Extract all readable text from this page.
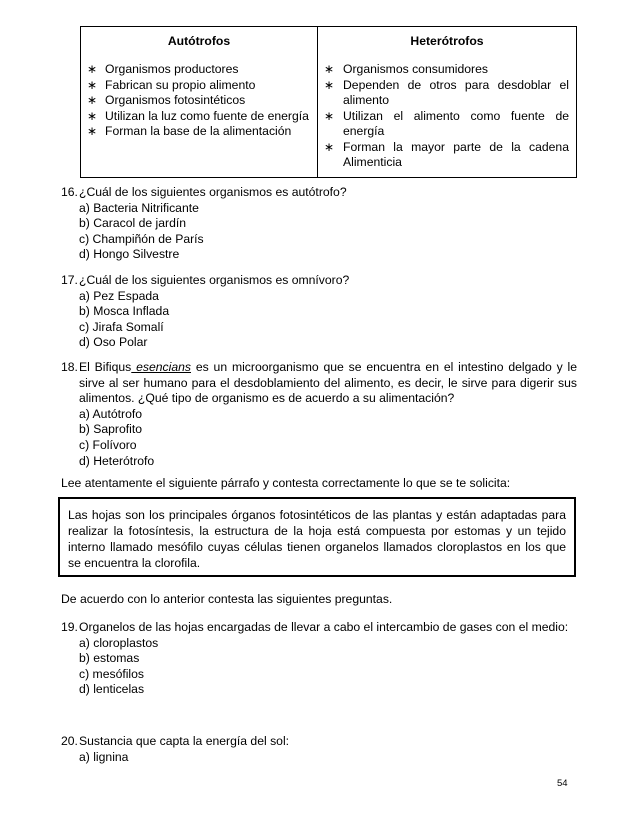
Autótrofos
∗ Organismos productores
∗ Fabrican su propio alimento
∗ Organismos fotosintéticos
∗ Utilizan la luz como fuente de energía
∗ Forman la base de la alimentación

Heterótrofos
∗ Organismos consumidores
∗ Dependen de otros para desdoblar el alimento
∗ Utilizan el alimento como fuente de energía
∗ Forman la mayor parte de la cadena Alimenticia
16. ¿Cuál de los siguientes organismos es autótrofo?
a) Bacteria Nitrificante
b) Caracol de jardín
c) Champiñón de París
d) Hongo Silvestre
17. ¿Cuál de los siguientes organismos es omnívoro?
a) Pez Espada
b) Mosca Inflada
c) Jirafa Somalí
d) Oso Polar
18. El Bifiqus esencians es un microorganismo que se encuentra en el intestino delgado y le sirve al ser humano para el desdoblamiento del alimento, es decir, le sirve para digerir sus alimentos. ¿Qué tipo de organismo es de acuerdo a su alimentación?
a) Autótrofo
b) Saprofito
c) Folívoro
d) Heterótrofo
Lee atentamente el siguiente párrafo y contesta correctamente lo que se te solicita:
Las hojas son los principales órganos fotosintéticos de las plantas y están adaptadas para realizar la fotosíntesis, la estructura de la hoja está compuesta por estomas y un tejido interno llamado mesófilo cuyas células tienen organelos llamados cloroplastos en los que se encuentra la clorofila.
De acuerdo con lo anterior contesta las siguientes preguntas.
19. Organelos de las hojas encargadas de llevar a cabo el intercambio de gases con el medio:
a) cloroplastos
b) estomas
c) mesófilos
d) lenticelas
20. Sustancia que capta la energía del sol:
a) lignina
54
